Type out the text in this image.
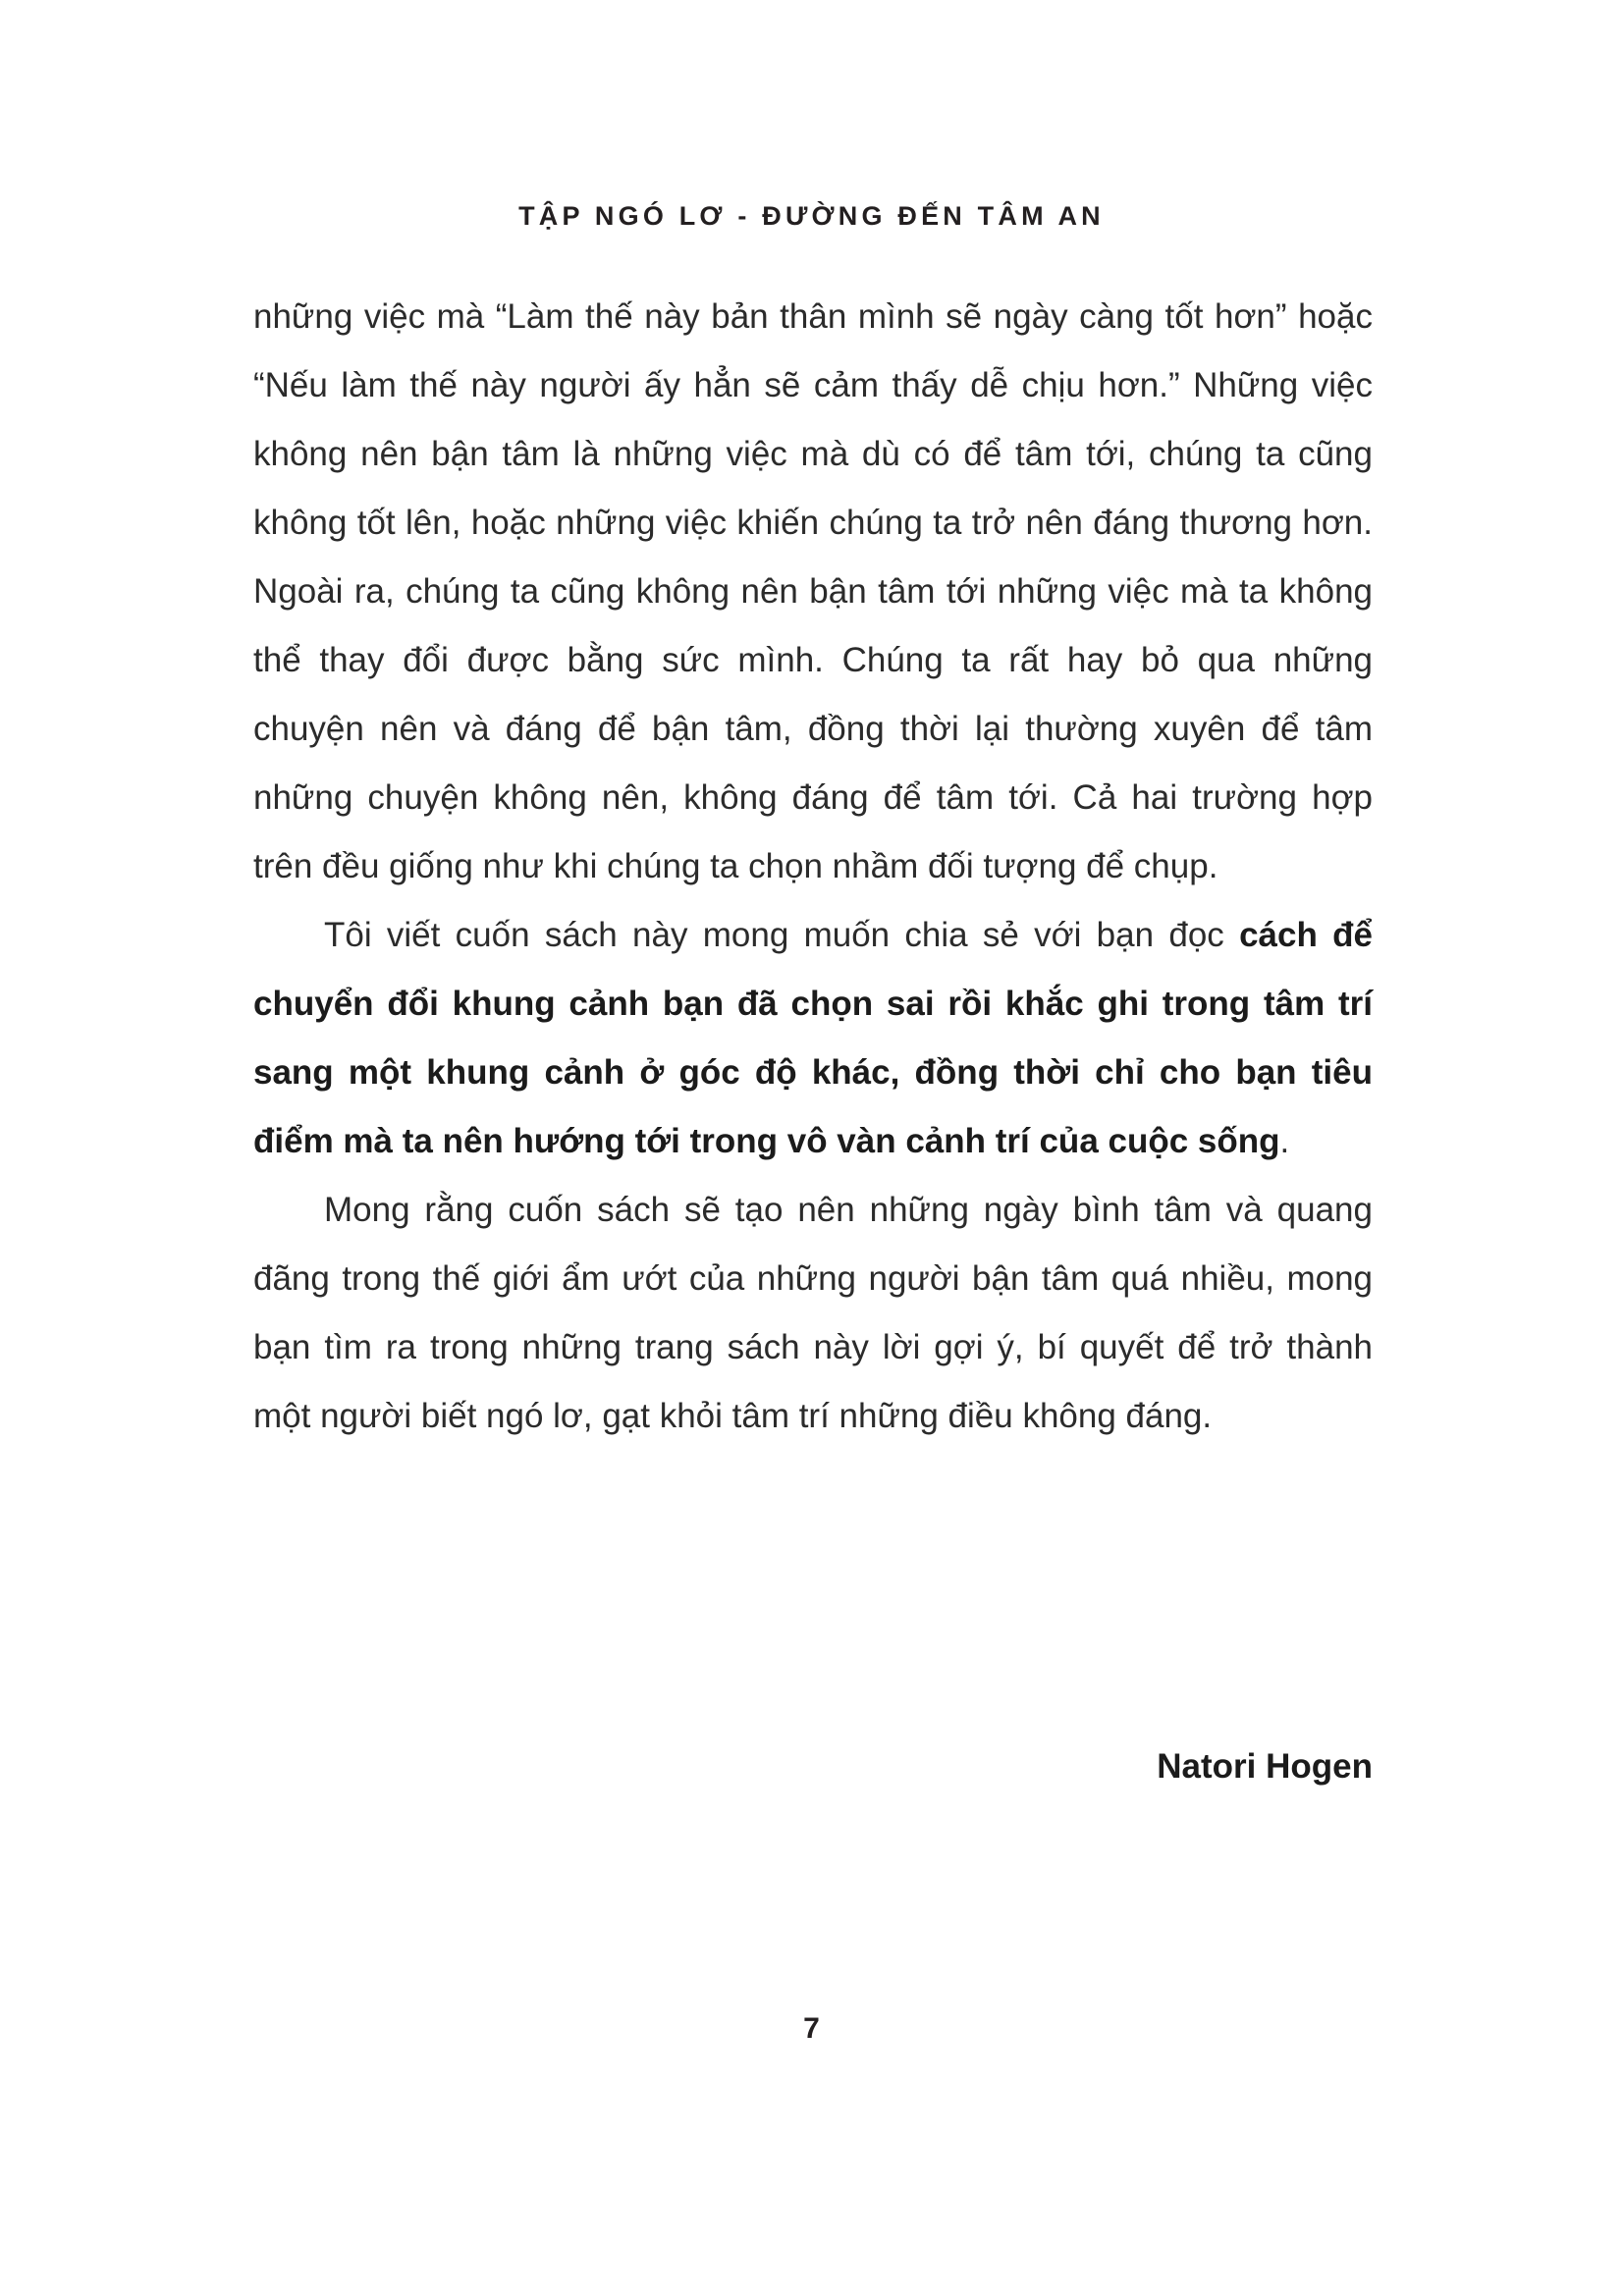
TẬP NGÓ LƠ - ĐƯỜNG ĐẾN TÂM AN

những việc mà “Làm thế này bản thân mình sẽ ngày càng tốt hơn” hoặc “Nếu làm thế này người ấy hẳn sẽ cảm thấy dễ chịu hơn.” Những việc không nên bận tâm là những việc mà dù có để tâm tới, chúng ta cũng không tốt lên, hoặc những việc khiến chúng ta trở nên đáng thương hơn. Ngoài ra, chúng ta cũng không nên bận tâm tới những việc mà ta không thể thay đổi được bằng sức mình. Chúng ta rất hay bỏ qua những chuyện nên và đáng để bận tâm, đồng thời lại thường xuyên để tâm những chuyện không nên, không đáng để tâm tới. Cả hai trường hợp trên đều giống như khi chúng ta chọn nhầm đối tượng để chụp.

Tôi viết cuốn sách này mong muốn chia sẻ với bạn đọc cách để chuyển đổi khung cảnh bạn đã chọn sai rồi khắc ghi trong tâm trí sang một khung cảnh ở góc độ khác, đồng thời chỉ cho bạn tiêu điểm mà ta nên hướng tới trong vô vàn cảnh trí của cuộc sống.

Mong rằng cuốn sách sẽ tạo nên những ngày bình tâm và quang đãng trong thế giới ẩm ướt của những người bận tâm quá nhiều, mong bạn tìm ra trong những trang sách này lời gợi ý, bí quyết để trở thành một người biết ngó lơ, gạt khỏi tâm trí những điều không đáng.

Natori Hogen
7
